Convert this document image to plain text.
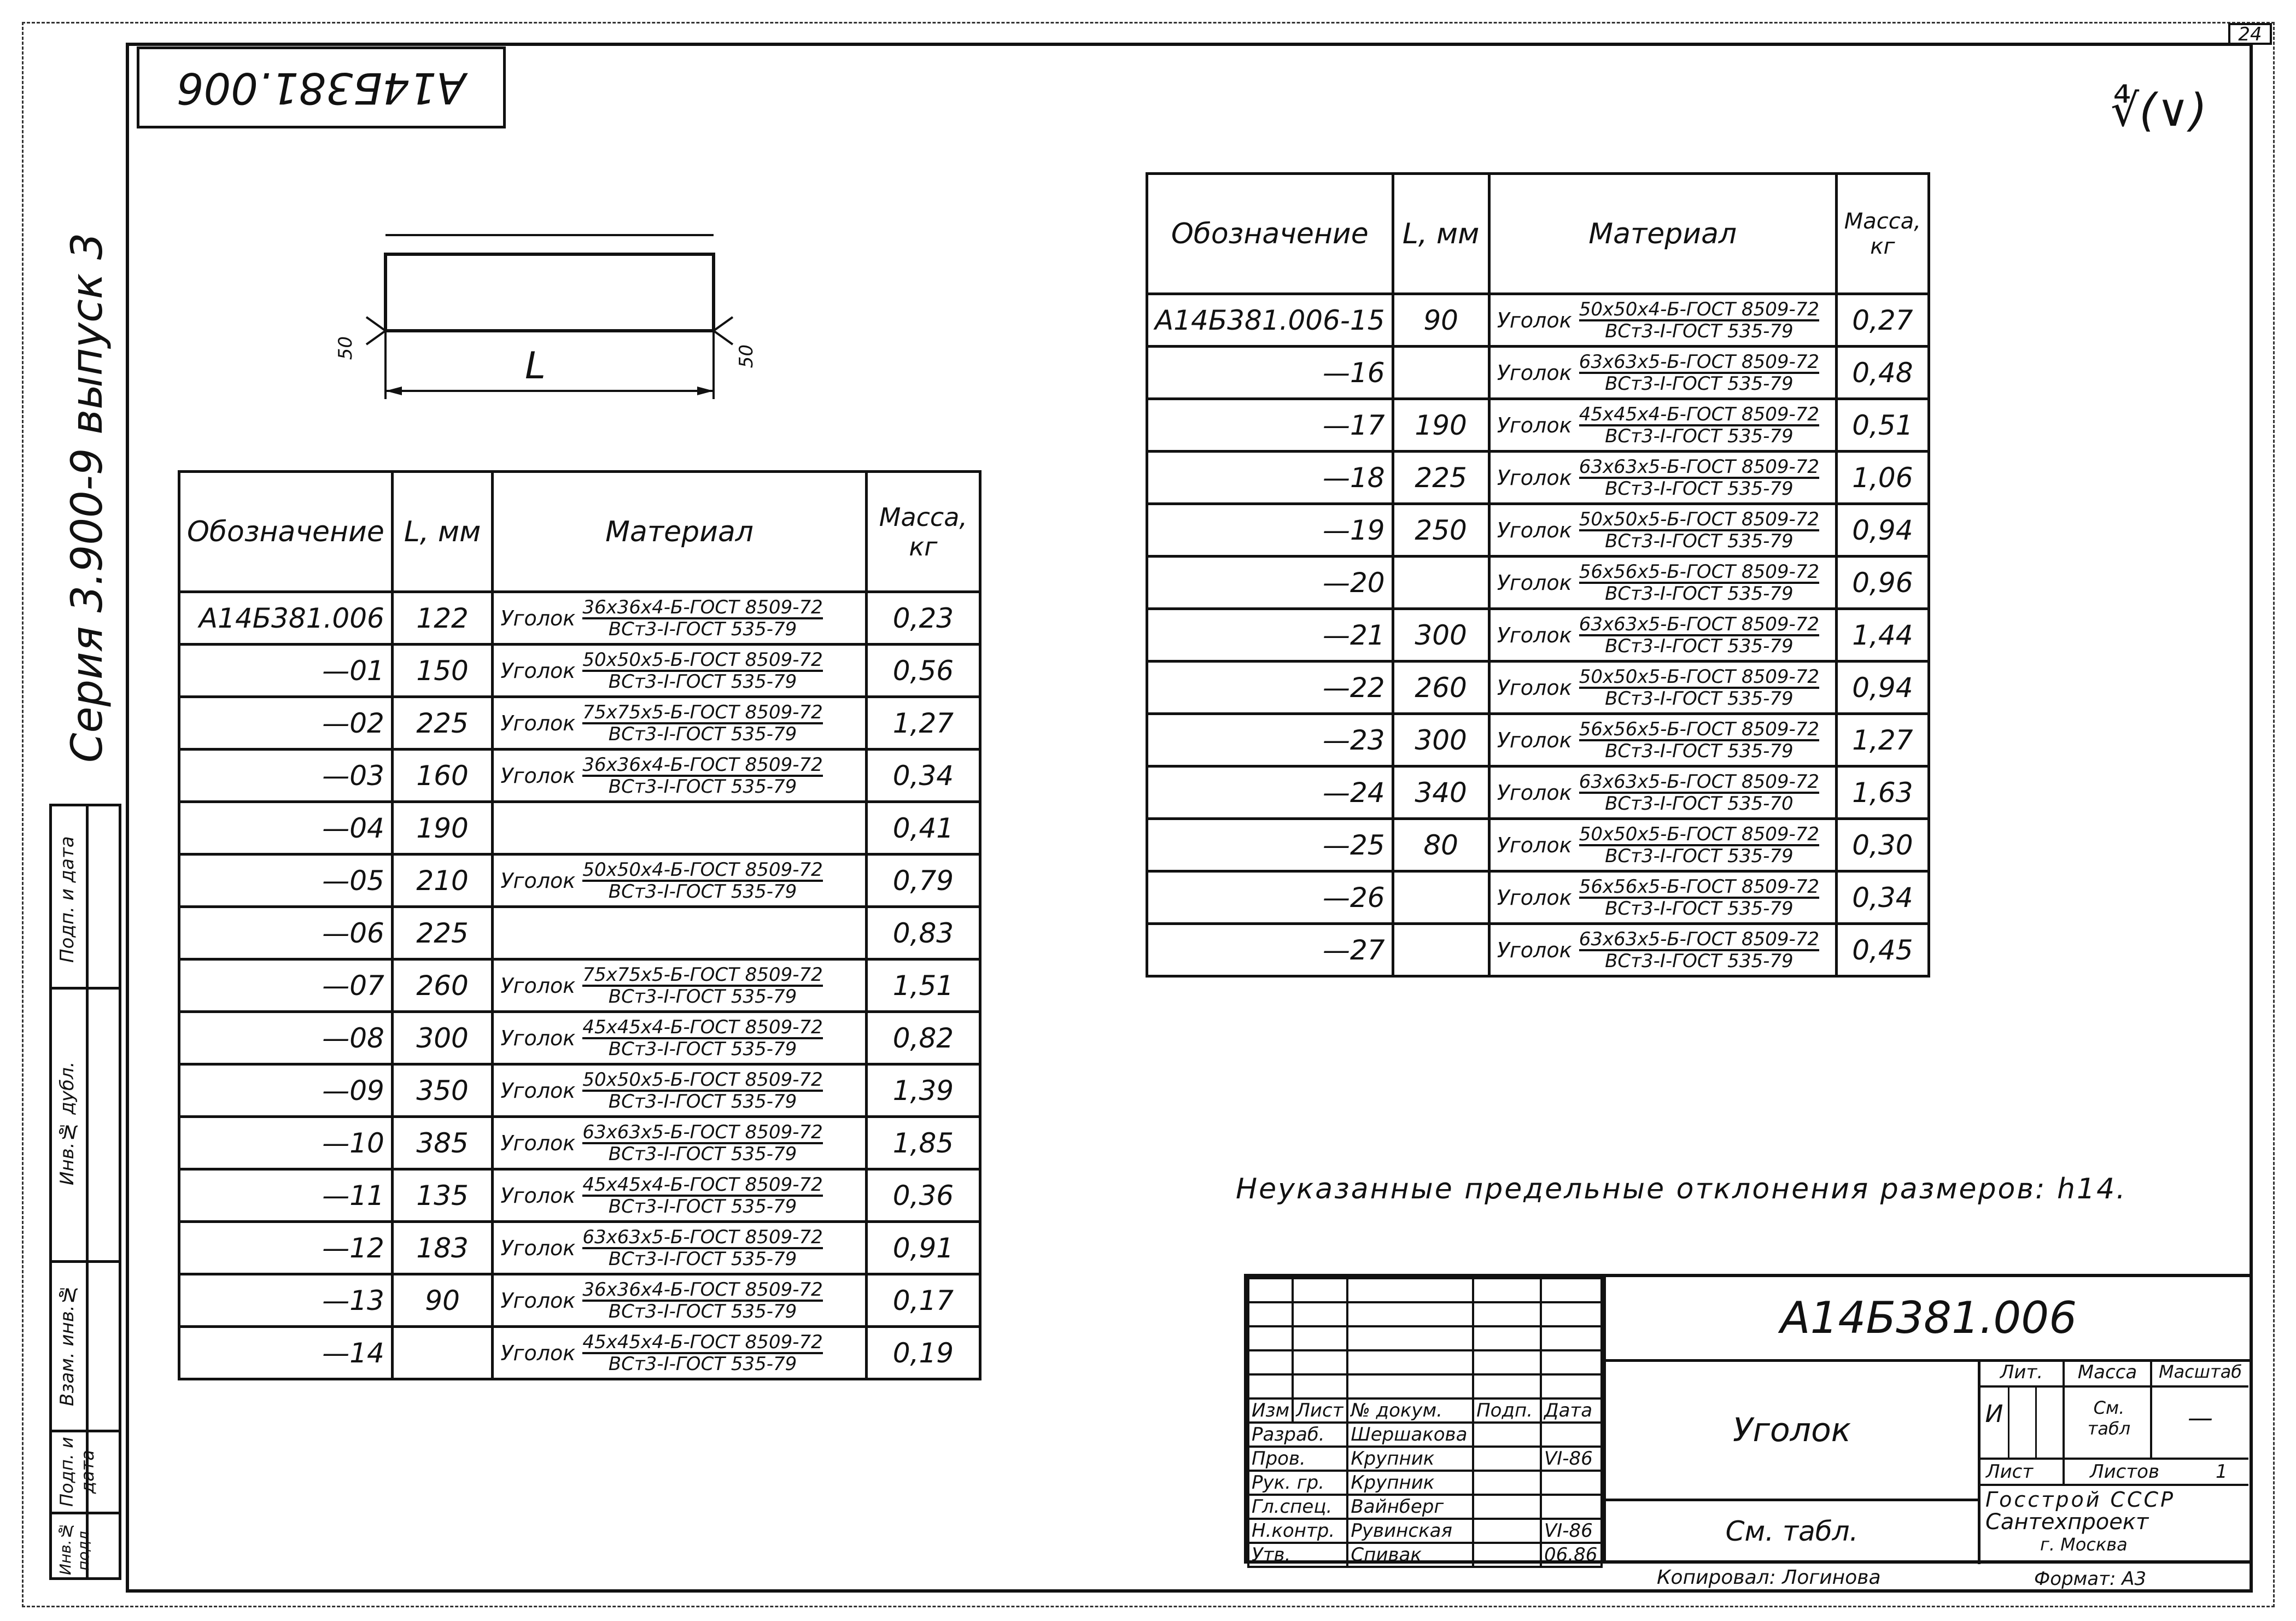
24
А14Б381.006	∜(∨)
Серия 3.900-9 выпуск 3
Подп. и дата
Инв.№ дубл.
Взам. инв.№
Подп. и дата
Инв.№ подл.
L
50	50
Обозначение	L, мм	Материал	Масса, кг
А14Б381.006	122	Уголок 36х36х4-Б-ГОСТ 8509-72
ВСт3-I-ГОСТ 535-79	0,23
—01	150	Уголок 50х50х5-Б-ГОСТ 8509-72
ВСт3-I-ГОСТ 535-79	0,56
—02	225	Уголок 75х75х5-Б-ГОСТ 8509-72
ВСт3-I-ГОСТ 535-79	1,27
—03	160	Уголок 36х36х4-Б-ГОСТ 8509-72
ВСт3-I-ГОСТ 535-79	0,34
—04	190		0,41
—05	210	Уголок 50х50х4-Б-ГОСТ 8509-72
ВСт3-I-ГОСТ 535-79	0,79
—06	225		0,83
—07	260	Уголок 75х75х5-Б-ГОСТ 8509-72
ВСт3-I-ГОСТ 535-79	1,51
—08	300	Уголок 45х45х4-Б-ГОСТ 8509-72
ВСт3-I-ГОСТ 535-79	0,82
—09	350	Уголок 50х50х5-Б-ГОСТ 8509-72
ВСт3-I-ГОСТ 535-79	1,39
—10	385	Уголок 63х63х5-Б-ГОСТ 8509-72
ВСт3-I-ГОСТ 535-79	1,85
—11	135	Уголок 45х45х4-Б-ГОСТ 8509-72
ВСт3-I-ГОСТ 535-79	0,36
—12	183	Уголок 63х63х5-Б-ГОСТ 8509-72
ВСт3-I-ГОСТ 535-79	0,91
—13	90	Уголок 36х36х4-Б-ГОСТ 8509-72
ВСт3-I-ГОСТ 535-79	0,17
—14		Уголок 45х45х4-Б-ГОСТ 8509-72
ВСт3-I-ГОСТ 535-79	0,19
Обозначение	L, мм	Материал	Масса, кг
А14Б381.006-15	90	Уголок 50х50х4-Б-ГОСТ 8509-72
ВСт3-I-ГОСТ 535-79	0,27
—16		Уголок 63х63х5-Б-ГОСТ 8509-72
ВСт3-I-ГОСТ 535-79	0,48
—17	190	Уголок 45х45х4-Б-ГОСТ 8509-72
ВСт3-I-ГОСТ 535-79	0,51
—18	225	Уголок 63х63х5-Б-ГОСТ 8509-72
ВСт3-I-ГОСТ 535-79	1,06
—19	250	Уголок 50х50х5-Б-ГОСТ 8509-72
ВСт3-I-ГОСТ 535-79	0,94
—20		Уголок 56х56х5-Б-ГОСТ 8509-72
ВСт3-I-ГОСТ 535-79	0,96
—21	300	Уголок 63х63х5-Б-ГОСТ 8509-72
ВСт3-I-ГОСТ 535-79	1,44
—22	260	Уголок 50х50х5-Б-ГОСТ 8509-72
ВСт3-I-ГОСТ 535-79	0,94
—23	300	Уголок 56х56х5-Б-ГОСТ 8509-72
ВСт3-I-ГОСТ 535-79	1,27
—24	340	Уголок 63х63х5-Б-ГОСТ 8509-72
ВСт3-I-ГОСТ 535-70	1,63
—25	80	Уголок 50х50х5-Б-ГОСТ 8509-72
ВСт3-I-ГОСТ 535-79	0,30
—26		Уголок 56х56х5-Б-ГОСТ 8509-72
ВСт3-I-ГОСТ 535-79	0,34
—27		Уголок 63х63х5-Б-ГОСТ 8509-72
ВСт3-I-ГОСТ 535-79	0,45
Неуказанные предельные отклонения размеров: h14.

Изм	Лист	№ докум.	Подп.	Дата
Разраб.		Шершакова		
Пров.		Крупник		VI-86
Рук. гр.		Крупник		
Гл.спец.		Вайнберг		
Н.контр.		Рувинская		VI-86
Утв.		Спивак		06.86
А14Б381.006
Уголок
См. табл.
Лит.	Масса	Масштаб
И	См. табл	—
Лист	Листов	1
Госстрой СССР
Сантехпроект
г. Москва
Копировал: Логинова	Формат: А3
